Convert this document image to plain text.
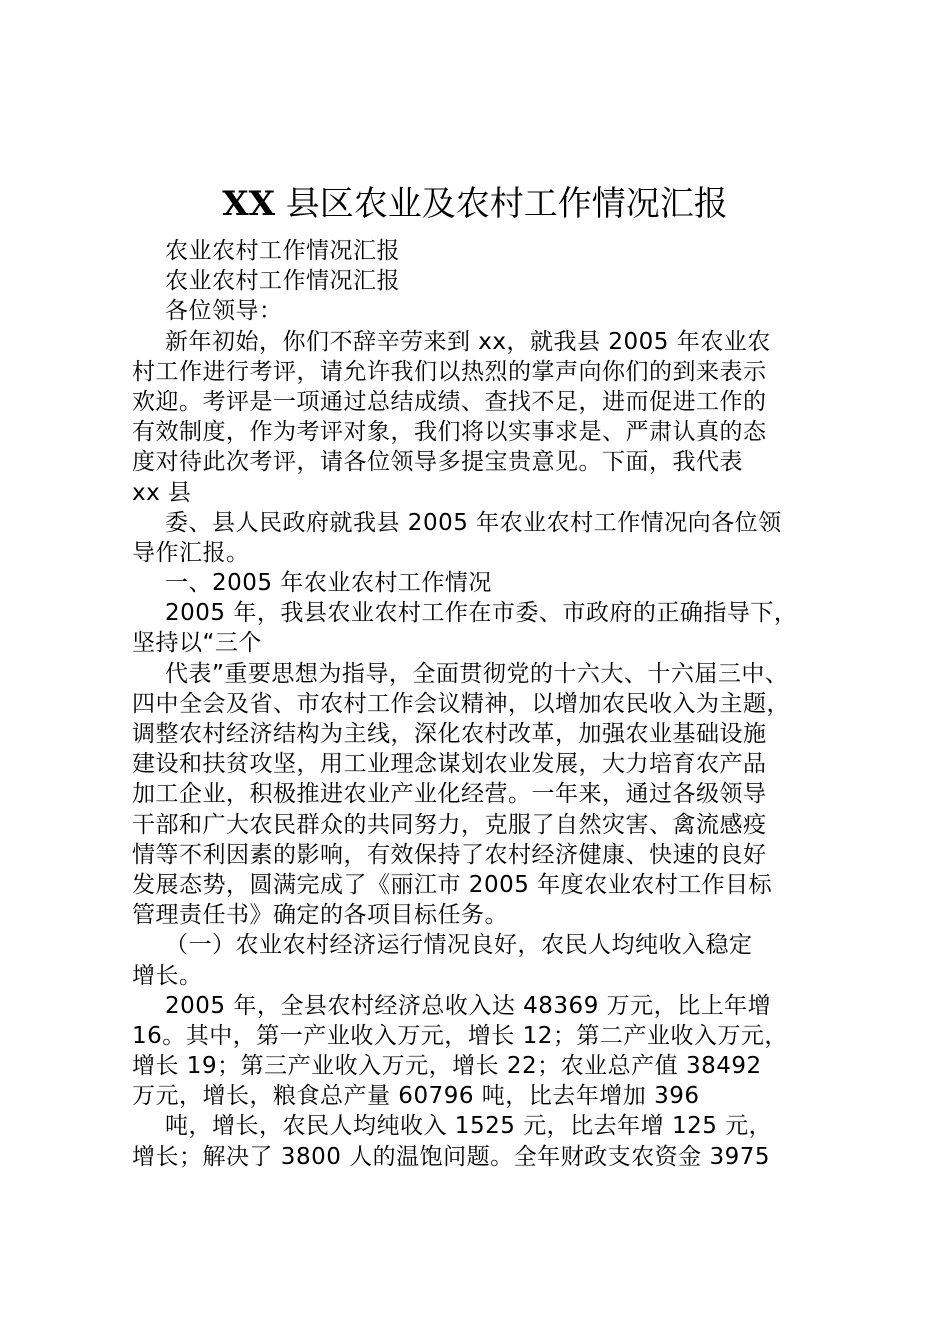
XX 县区农业及农村工作情况汇报
农业农村工作情况汇报
农业农村工作情况汇报
各位领导：
新年初始，你们不辞辛劳来到 xx，就我县 2005 年农业农
村工作进行考评，请允许我们以热烈的掌声向你们的到来表示
欢迎。考评是一项通过总结成绩、查找不足，进而促进工作的
有效制度，作为考评对象，我们将以实事求是、严肃认真的态
度对待此次考评，请各位领导多提宝贵意见。下面，我代表
xx 县
委、县人民政府就我县 2005 年农业农村工作情况向各位领
导作汇报。
一、2005 年农业农村工作情况
2005 年，我县农业农村工作在市委、市政府的正确指导下，
坚持以“三个
代表”重要思想为指导，全面贯彻党的十六大、十六届三中、
四中全会及省、市农村工作会议精神，以增加农民收入为主题，
调整农村经济结构为主线，深化农村改革，加强农业基础设施
建设和扶贫攻坚，用工业理念谋划农业发展，大力培育农产品
加工企业，积极推进农业产业化经营。一年来，通过各级领导
干部和广大农民群众的共同努力，克服了自然灾害、禽流感疫
情等不利因素的影响，有效保持了农村经济健康、快速的良好
发展态势，圆满完成了《丽江市 2005 年度农业农村工作目标
管理责任书》确定的各项目标任务。
（一）农业农村经济运行情况良好，农民人均纯收入稳定
增长。
2005 年，全县农村经济总收入达 48369 万元，比上年增
16。其中，第一产业收入万元，增长 12；第二产业收入万元，
增长 19；第三产业收入万元，增长 22；农业总产值 38492
万元，增长，粮食总产量 60796 吨，比去年增加 396
吨，增长，农民人均纯收入 1525 元，比去年增 125 元，
增长；解决了 3800 人的温饱问题。全年财政支农资金 3975
